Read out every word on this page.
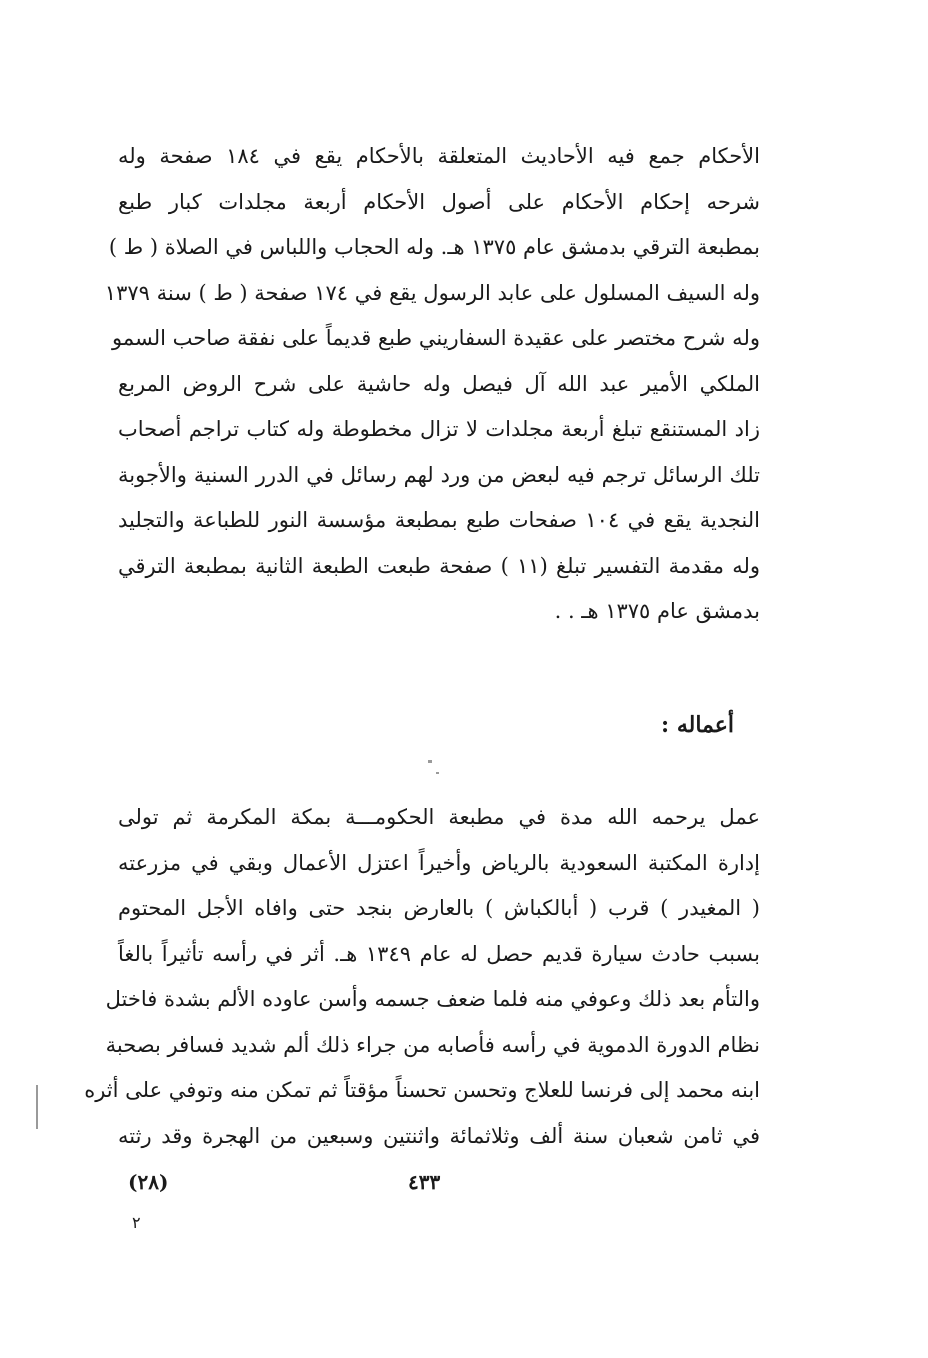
الأحكام جمع فيه الأحاديث المتعلقة بالأحكام يقع في ١٨٤ صفحة وله
شرحه إحكام الأحكام على أصول الأحكام أربعة مجلدات كبار طبع
بمطبعة الترقي بدمشق عام ١٣٧٥ هـ. وله الحجاب واللباس في الصلاة ( ط )
وله السيف المسلول على عابد الرسول يقع في ١٧٤ صفحة ( ط ) سنة ١٣٧٩
وله شرح مختصر على عقيدة السفاريني طبع قديماً على نفقة صاحب السمو
الملكي الأمير عبد الله آل فيصل وله حاشية على شرح الروض المربع
زاد المستنقع تبلغ أربعة مجلدات لا تزال مخطوطة وله كتاب تراجم أصحاب
تلك الرسائل ترجم فيه لبعض من ورد لهم رسائل في الدرر السنية والأجوبة
النجدية يقع في ١٠٤ صفحات طبع بمطبعة مؤسسة النور للطباعة والتجليد
وله مقدمة التفسير تبلغ (١١ ) صفحة طبعت الطبعة الثانية بمطبعة الترقي
بدمشق عام ١٣٧٥ هـ . .
أعماله :
عمل يرحمه الله مدة في مطبعة الحكومـــة بمكة المكرمة ثم تولى
إدارة المكتبة السعودية بالرياض وأخيراً اعتزل الأعمال وبقي في مزرعته
( المغيدر ) قرب ( أبالكباش ) بالعارض بنجد حتى وافاه الأجل المحتوم
بسبب حادث سيارة قديم حصل له عام ١٣٤٩ هـ. أثر في رأسه تأثيراً بالغاً
والتأم بعد ذلك وعوفي منه فلما ضعف جسمه وأسن عاوده الألم بشدة فاختل
نظام الدورة الدموية في رأسه فأصابه من جراء ذلك ألم شديد فسافر بصحبة
ابنه محمد إلى فرنسا للعلاج وتحسن تحسناً مؤقتاً ثم تمكن منه وتوفي على أثره
في ثامن شعبان سنة ألف وثلاثمائة واثنتين وسبعين من الهجرة وقد رثته
(٢٨)	٤٣٣
٢
